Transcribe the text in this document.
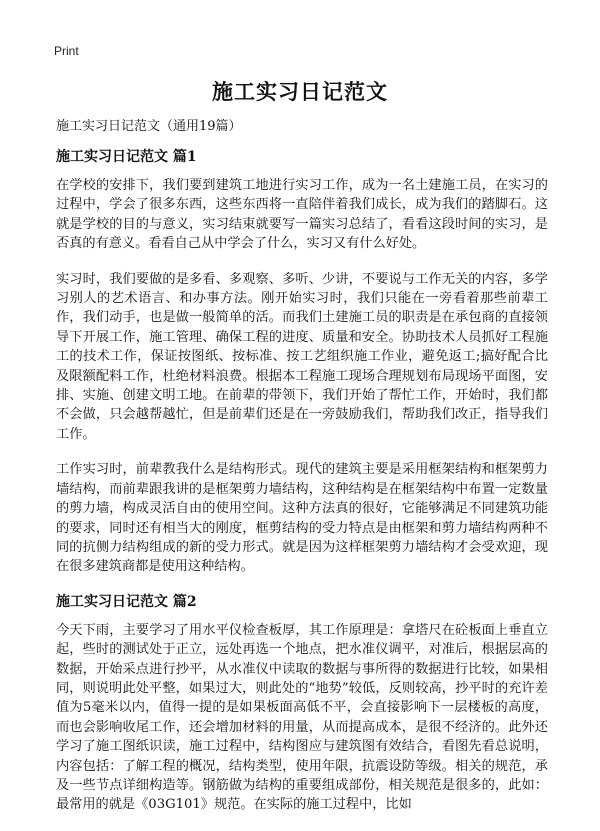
Print
施工实习日记范文

施工实习日记范文（通用19篇）

施工实习日记范文 篇1

在学校的安排下，我们要到建筑工地进行实习工作，成为一名土建施工员，在实习的过程中，学会了很多东西，这些东西将一直陪伴着我们成长，成为我们的踏脚石。这就是学校的目的与意义，实习结束就要写一篇实习总结了，看看这段时间的实习，是否真的有意义。看看自己从中学会了什么，实习又有什么好处。

实习时，我们要做的是多看、多观察、多听、少讲，不要说与工作无关的内容，多学习别人的艺术语言、和办事方法。刚开始实习时，我们只能在一旁看着那些前辈工作，我们动手，也是做一般简单的活。而我们土建施工员的职责是在承包商的直接领导下开展工作，施工管理、确保工程的进度、质量和安全。协助技术人员抓好工程施工的技术工作，保证按图纸、按标准、按工艺组织施工作业，避免返工;搞好配合比及限额配料工作，杜绝材料浪费。根据本工程施工现场合理规划布局现场平面图，安排、实施、创建文明工地。在前辈的带领下，我们开始了帮忙工作，开始时，我们都不会做，只会越帮越忙，但是前辈们还是在一旁鼓励我们，帮助我们改正，指导我们工作。

工作实习时，前辈教我什么是结构形式。现代的建筑主要是采用框架结构和框架剪力墙结构，而前辈跟我讲的是框架剪力墙结构，这种结构是在框架结构中布置一定数量的剪力墙，构成灵活自由的使用空间。这种方法真的很好，它能够满足不同建筑功能的要求，同时还有相当大的刚度，框剪结构的受力特点是由框架和剪力墙结构两种不同的抗侧力结构组成的新的受力形式。就是因为这样框架剪力墙结构才会受欢迎，现在很多建筑商都是使用这种结构。

施工实习日记范文 篇2

今天下雨，主要学习了用水平仪检查板厚，其工作原理是：拿塔尺在砼板面上垂直立起，些时的测试处于正立，远处再选一个地点，把水准仪调平，对准后，根据层高的数据，开始采点进行抄平，从水准仪中读取的数据与事所得的数据进行比较，如果相同，则说明此处平整，如果过大，则此处的“地势”较低，反则较高，抄平时的充许差值为5毫米以内，值得一提的是如果板面高低不平，会直接影响下一层楼板的高度，而也会影响收尾工作，还会增加材料的用量，从而提高成本，是很不经济的。此外还学习了施工图纸识读，施工过程中，结构图应与建筑图有效结合，看图先看总说明，内容包括：了解工程的概况，结构类型，使用年限，抗震设防等级。相关的规范，承及一些节点详细构造等。钢筋做为结构的重要组成部份，相关规范是很多的，此如：最常用的就是《03G101》规范。在实际的施工过程中，比如
